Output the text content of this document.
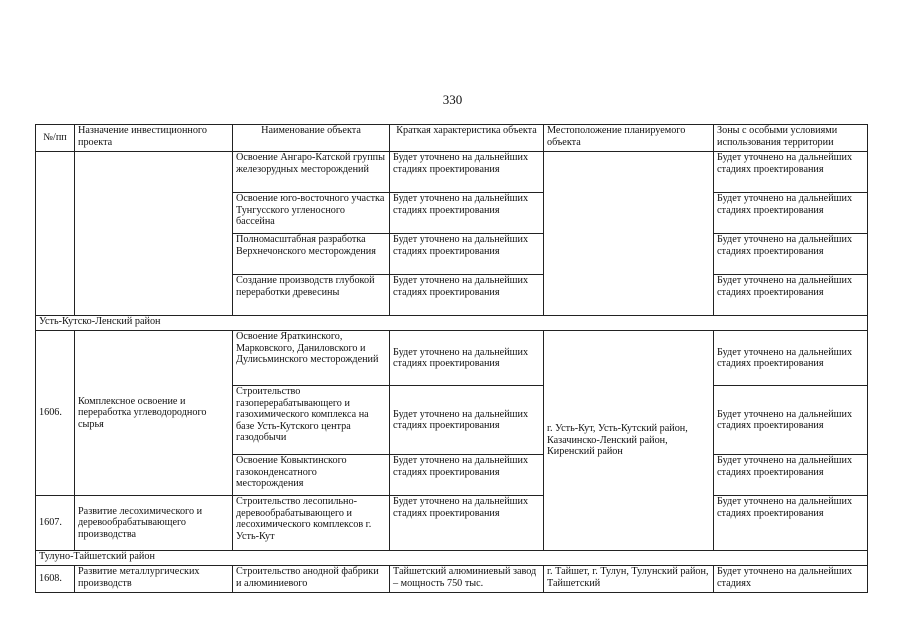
330
№/пп	Назначение инвестиционного проекта	Наименование объекта	Краткая характеристика объекта	Местоположение планируемого объекта	Зоны с особыми условиями использования территории
		Освоение Ангаро-Катской группы железорудных месторождений	Будет уточнено на дальнейших стадиях проектирования		Будет уточнено на дальнейших стадиях проектирования
		Освоение юго-восточного участка Тунгусского угленосного бассейна	Будет уточнено на дальнейших стадиях проектирования		Будет уточнено на дальнейших стадиях проектирования
		Полномасштабная разработка Верхнечонского месторождения	Будет уточнено на дальнейших стадиях проектирования		Будет уточнено на дальнейших стадиях проектирования
		Создание производств глубокой переработки древесины	Будет уточнено на дальнейших стадиях проектирования		Будет уточнено на дальнейших стадиях проектирования
Усть-Кутско-Ленский район					
1606.	Комплексное освоение и переработка углеводородного сырья	Освоение Яраткинского, Марковского, Даниловского и Дулисьминского месторождений	Будет уточнено на дальнейших стадиях проектирования	г. Усть-Кут, Усть-Кутский район, Казачинско-Ленский район, Киренский район	Будет уточнено на дальнейших стадиях проектирования
		Строительство газоперерабатывающего и газохимического комплекса на базе Усть-Кутского центра газодобычи	Будет уточнено на дальнейших стадиях проектирования		Будет уточнено на дальнейших стадиях проектирования
		Освоение Ковыктинского газоконденсатного месторождения	Будет уточнено на дальнейших стадиях проектирования		Будет уточнено на дальнейших стадиях проектирования
1607.	Развитие лесохимического и деревообрабатывающего производства	Строительство лесопильно-деревообрабатывающего и лесохимического комплексов г. Усть-Кут	Будет уточнено на дальнейших стадиях проектирования		Будет уточнено на дальнейших стадиях проектирования
Тулуно-Тайшетский район					
1608.	Развитие металлургических производств	Строительство анодной фабрики и алюминиевого	Тайшетский алюминиевый завод – мощность 750 тыс.	г. Тайшет, г. Тулун, Тулунский район, Тайшетский	Будет уточнено на дальнейших стадиях
